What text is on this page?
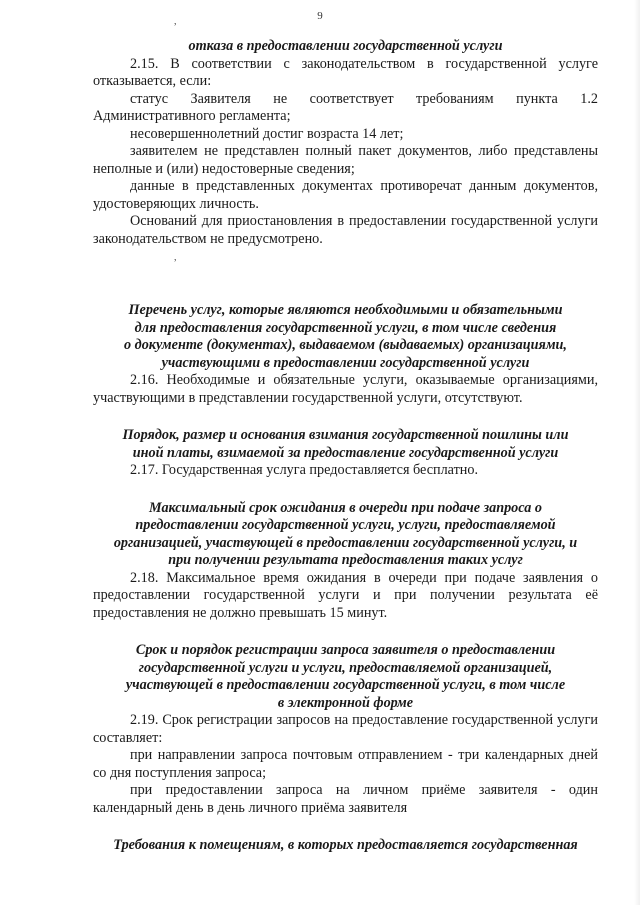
9
,
,

отказа в предоставлении государственной услуги

2.15. В соответствии с законодательством в государственной услуге отказывается, если:

статус Заявителя не соответствует требованиям пункта 1.2 Административного регламента;

несовершеннолетний достиг возраста 14 лет;

заявителем не представлен полный пакет документов, либо представлены неполные и (или) недостоверные сведения;

данные в представленных документах противоречат данным документов, удостоверяющих личность.

Оснований для приостановления в предоставлении государственной услуги законодательством не предусмотрено.

Перечень услуг, которые являются необходимыми и обязательными

для предоставления государственной услуги, в том числе сведения

о документе (документах), выдаваемом (выдаваемых) организациями,

участвующими в предоставлении государственной услуги

2.16. Необходимые и обязательные услуги, оказываемые организациями, участвующими в представлении государственной услуги, отсутствуют.

Порядок, размер и основания взимания государственной пошлины или

иной платы, взимаемой за предоставление государственной услуги

2.17. Государственная услуга предоставляется бесплатно.

Максимальный срок ожидания в очереди при подаче запроса о

предоставлении государственной услуги, услуги, предоставляемой

организацией, участвующей в предоставлении государственной услуги, и

при получении результата предоставления таких услуг

2.18. Максимальное время ожидания в очереди при подаче заявления о предоставлении государственной услуги и при получении результата её предоставления не должно превышать 15 минут.

Срок и порядок регистрации запроса заявителя о предоставлении

государственной услуги и услуги, предоставляемой организацией,

участвующей в предоставлении государственной услуги, в том числе

в электронной форме

2.19. Срок регистрации запросов на предоставление государственной услуги составляет:

при направлении запроса почтовым отправлением - три календарных дней со дня поступления запроса;

при предоставлении запроса на личном приёме заявителя - один календарный день в день личного приёма заявителя

Требования к помещениям, в которых предоставляется государственная
